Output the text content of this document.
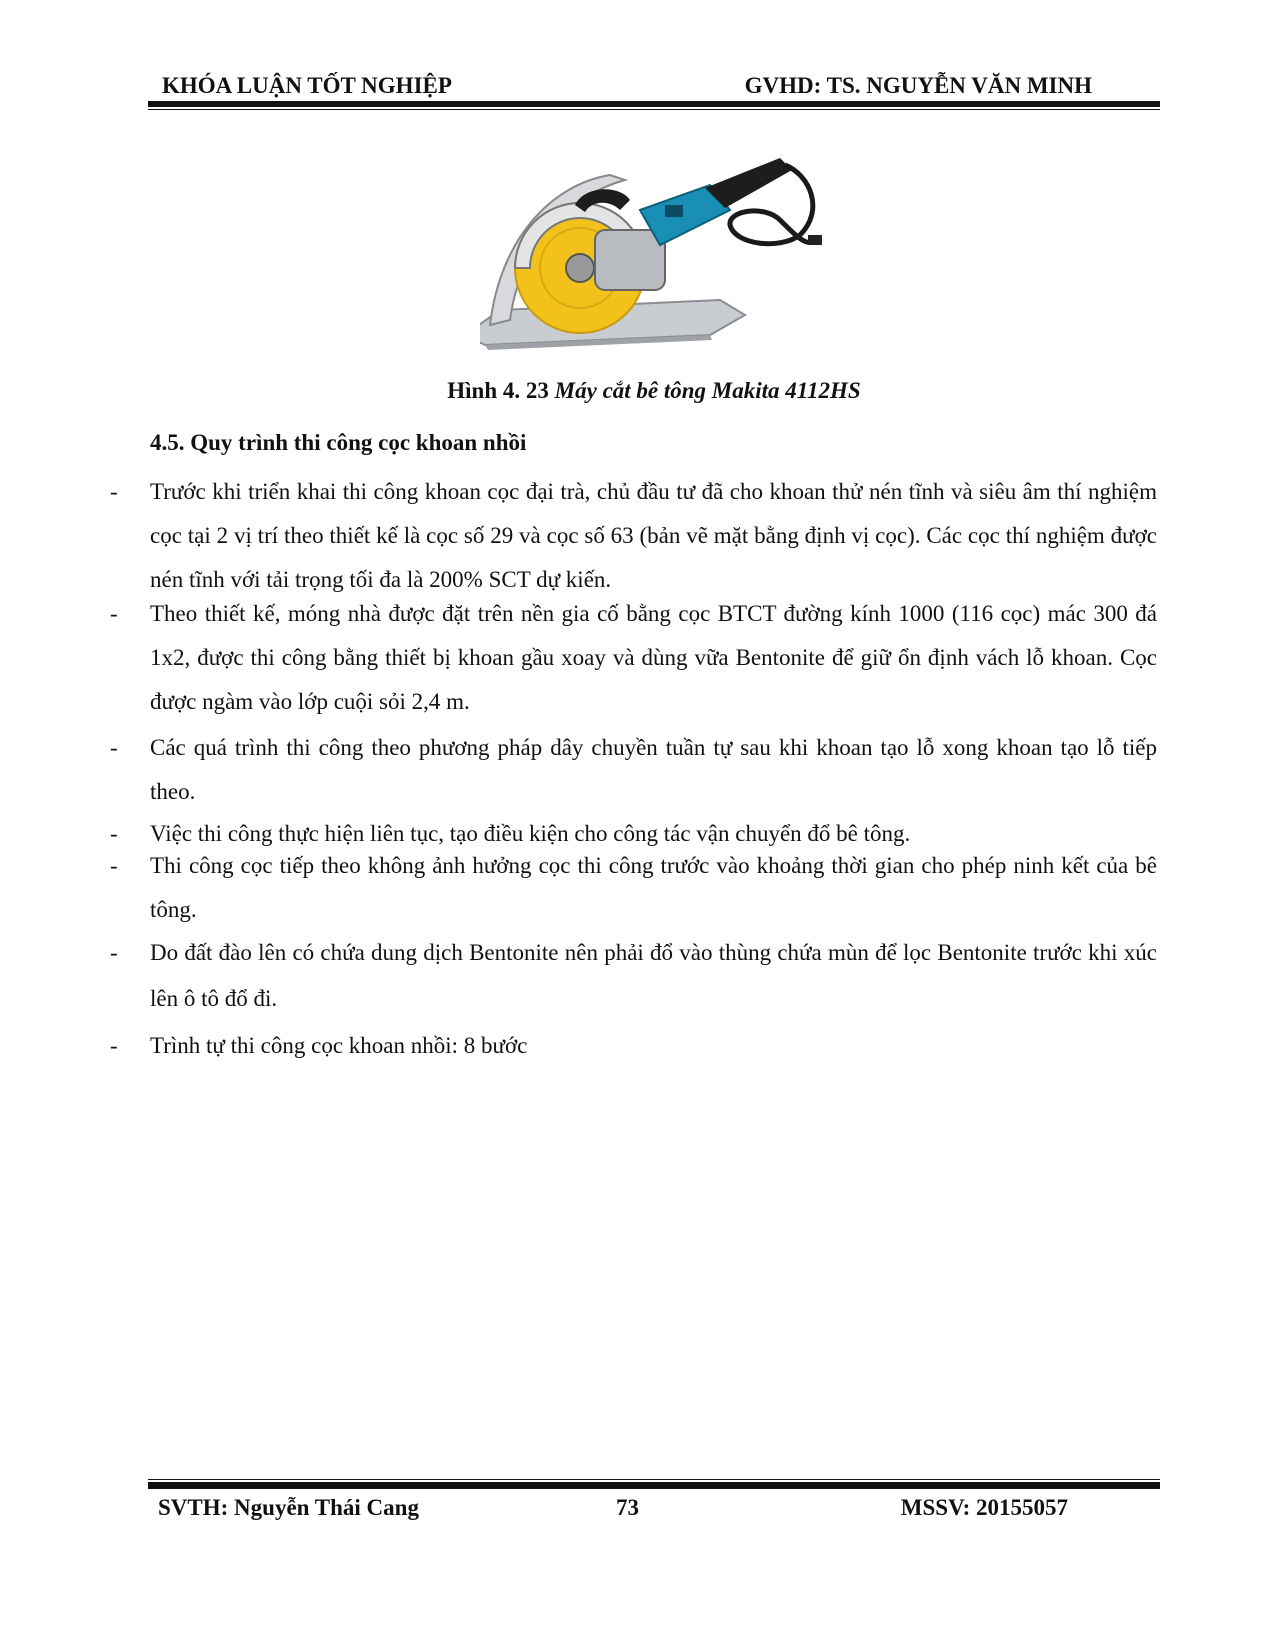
KHÓA LUẬN TỐT NGHIỆP	GVHD: TS. NGUYỄN VĂN MINH
Hình 4. 23 Máy cắt bê tông Makita 4112HS
4.5. Quy trình thi công cọc khoan nhồi
-	Trước khi triển khai thi công khoan cọc đại trà, chủ đầu tư đã cho khoan thử nén tĩnh và siêu âm thí nghiệm cọc tại 2 vị trí theo thiết kế là cọc số 29 và cọc số 63 (bản vẽ mặt bằng định vị cọc). Các cọc thí nghiệm được nén tĩnh với tải trọng tối đa là 200% SCT dự kiến.
-	Theo thiết kế, móng nhà được đặt trên nền gia cố bằng cọc BTCT đường kính 1000 (116 cọc) mác 300 đá 1x2, được thi công bằng thiết bị khoan gầu xoay và dùng vữa Bentonite để giữ ổn định vách lỗ khoan. Cọc được ngàm vào lớp cuội sỏi 2,4 m.
-	Các quá trình thi công theo phương pháp dây chuyền tuần tự sau khi khoan tạo lỗ xong khoan tạo lỗ tiếp theo.
-	Việc thi công thực hiện liên tục, tạo điều kiện cho công tác vận chuyển đổ bê tông.
-	Thi công cọc tiếp theo không ảnh hưởng cọc thi công trước vào khoảng thời gian cho phép ninh kết của bê tông.
-	Do đất đào lên có chứa dung dịch Bentonite nên phải đổ vào thùng chứa mùn để lọc Bentonite trước khi xúc lên ô tô đổ đi.
-	Trình tự thi công cọc khoan nhồi: 8 bước
SVTH: Nguyễn Thái Cang	73	MSSV: 20155057
